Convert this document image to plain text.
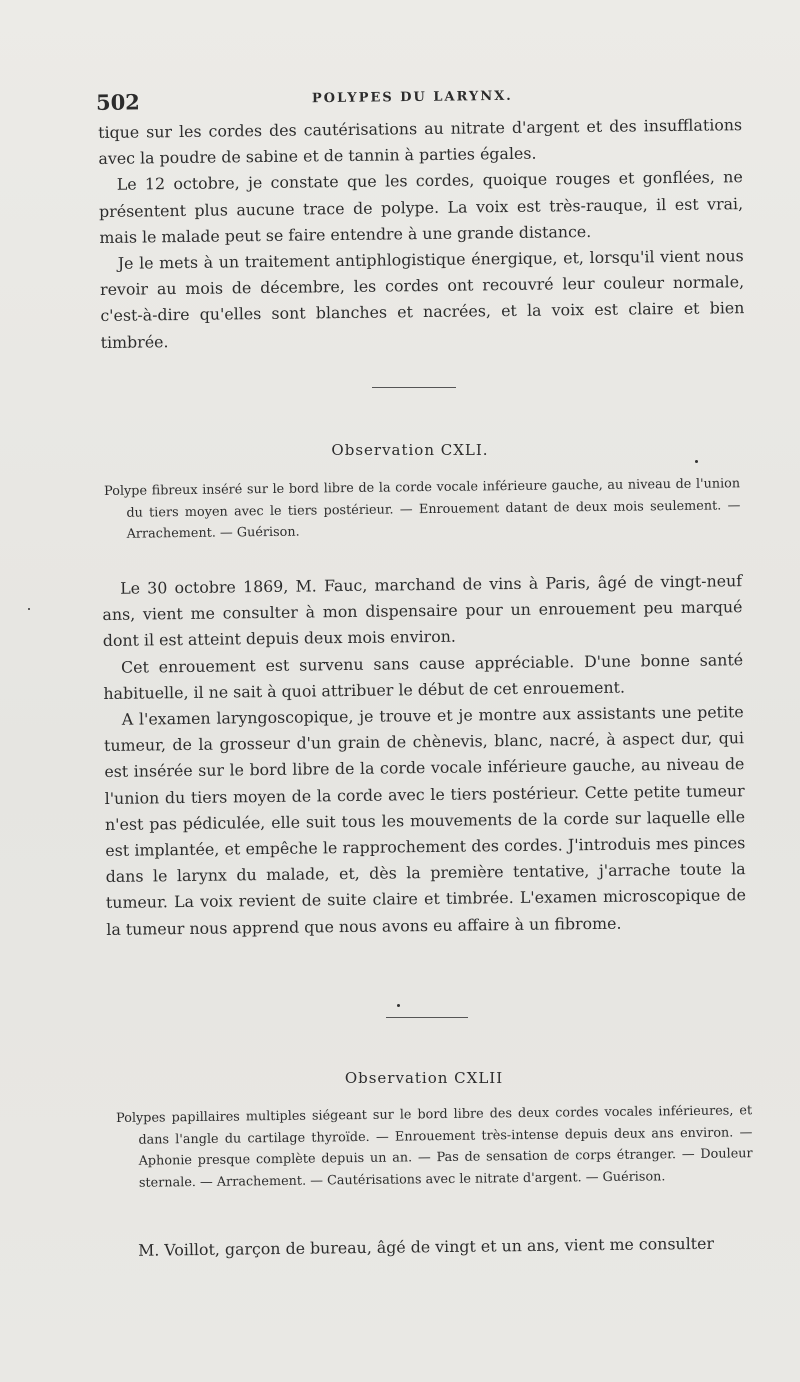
502	POLYPES DU LARYNX.

tique sur les cordes des cautérisations au nitrate d'argent et des insufflations avec la poudre de sabine et de tannin à parties égales.

Le 12 octobre, je constate que les cordes, quoique rouges et gonflées, ne présentent plus aucune trace de polype. La voix est très-rauque, il est vrai, mais le malade peut se faire entendre à une grande distance.

Je le mets à un traitement antiphlogistique énergique, et, lorsqu'il vient nous revoir au mois de décembre, les cordes ont recouvré leur couleur normale, c'est-à-dire qu'elles sont blanches et nacrées, et la voix est claire et bien timbrée.

Observation CXLI.

Polype fibreux inséré sur le bord libre de la corde vocale inférieure gauche, au niveau de l'union du tiers moyen avec le tiers postérieur. — Enrouement datant de deux mois seulement. — Arrachement. — Guérison.

Le 30 octobre 1869, M. Fauc, marchand de vins à Paris, âgé de vingt-neuf ans, vient me consulter à mon dispensaire pour un enrouement peu marqué dont il est atteint depuis deux mois environ.

Cet enrouement est survenu sans cause appréciable. D'une bonne santé habituelle, il ne sait à quoi attribuer le début de cet enrouement.

A l'examen laryngoscopique, je trouve et je montre aux assistants une petite tumeur, de la grosseur d'un grain de chènevis, blanc, nacré, à aspect dur, qui est insérée sur le bord libre de la corde vocale inférieure gauche, au niveau de l'union du tiers moyen de la corde avec le tiers postérieur. Cette petite tumeur n'est pas pédiculée, elle suit tous les mouvements de la corde sur laquelle elle est implantée, et empêche le rapprochement des cordes. J'introduis mes pinces dans le larynx du malade, et, dès la première tentative, j'arrache toute la tumeur. La voix revient de suite claire et timbrée. L'examen microscopique de la tumeur nous apprend que nous avons eu affaire à un fibrome.

Observation CXLII

Polypes papillaires multiples siégeant sur le bord libre des deux cordes vocales inférieures, et dans l'angle du cartilage thyroïde. — Enrouement très-intense depuis deux ans environ. — Aphonie presque complète depuis un an. — Pas de sensation de corps étranger. — Douleur sternale. — Arrachement. — Cautérisations avec le nitrate d'argent. — Guérison.

M. Voillot, garçon de bureau, âgé de vingt et un ans, vient me consulter
